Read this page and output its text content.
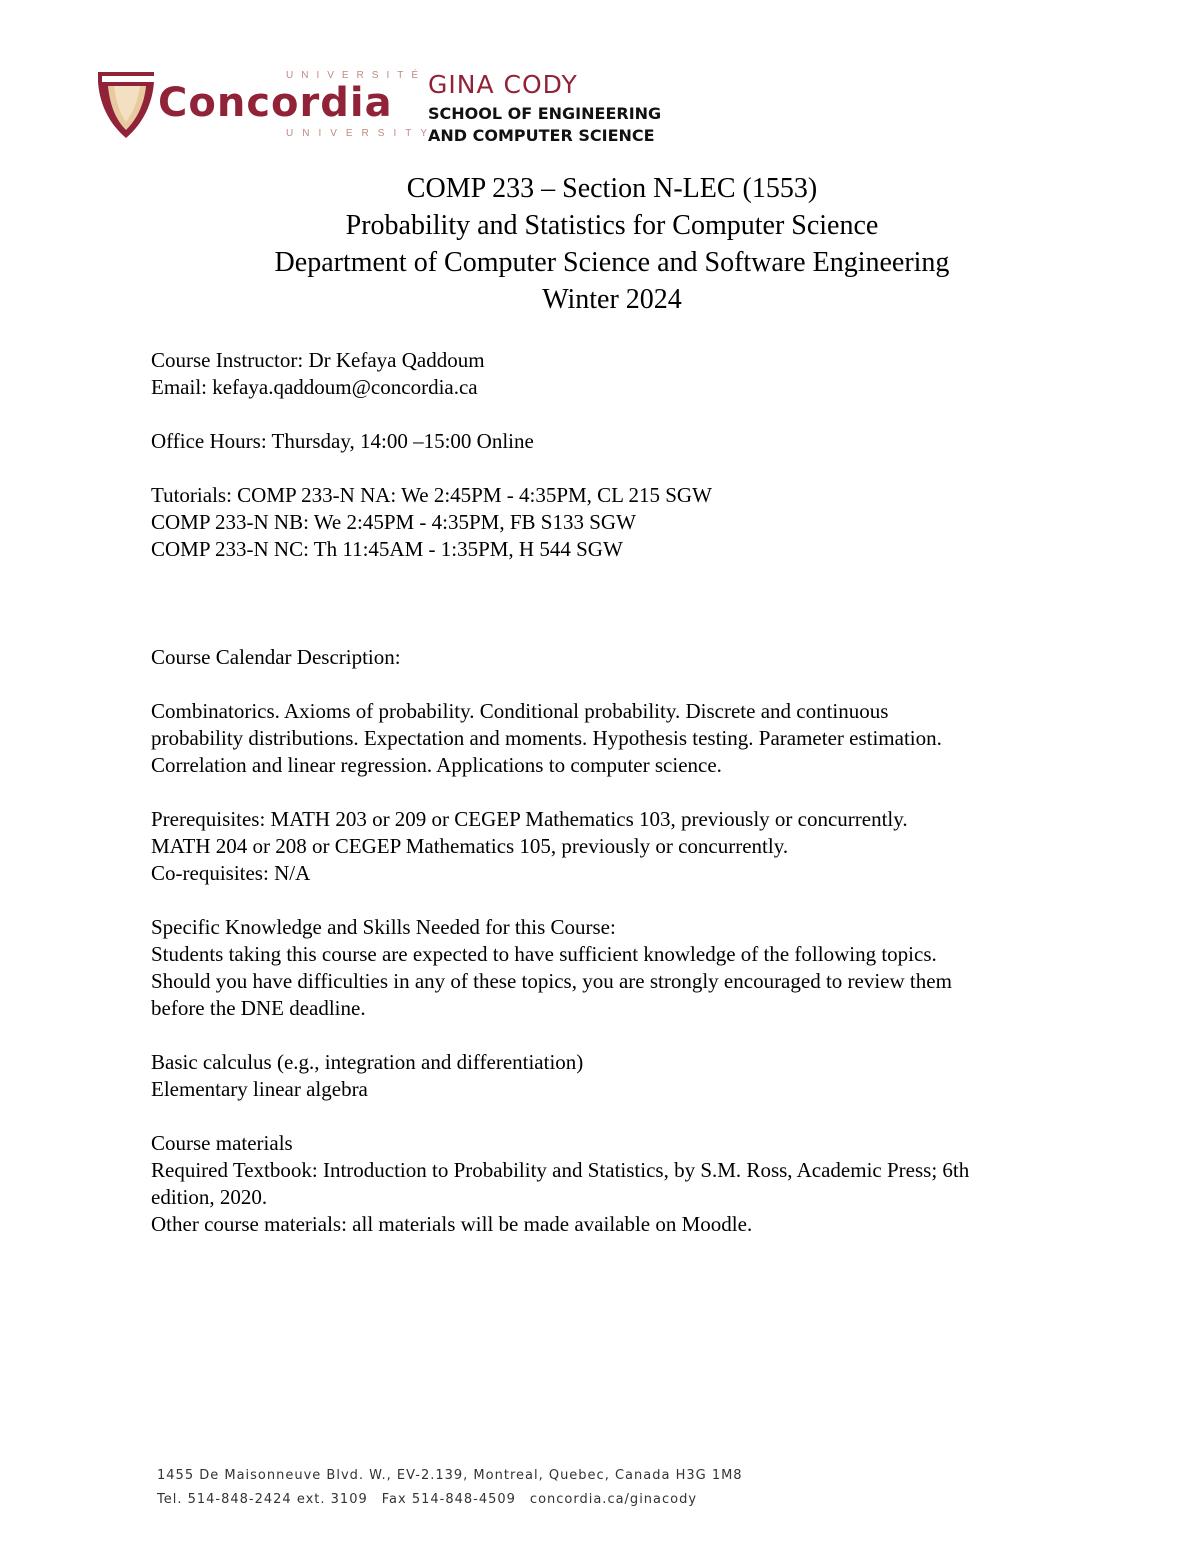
UNIVERSITÉ
Concordia
UNIVERSITY
GINA CODY
SCHOOL OF ENGINEERING
AND COMPUTER SCIENCE
COMP 233 – Section N-LEC (1553)
Probability and Statistics for Computer Science
Department of Computer Science and Software Engineering
Winter 2024

Course Instructor: Dr Kefaya Qaddoum

Email: kefaya.qaddoum@concordia.ca

Office Hours: Thursday, 14:00 –15:00 Online

Tutorials: COMP 233-N NA: We 2:45PM - 4:35PM, CL 215 SGW

COMP 233-N NB: We 2:45PM - 4:35PM, FB S133 SGW

COMP 233-N NC: Th 11:45AM - 1:35PM, H 544 SGW

Course Calendar Description:

Combinatorics. Axioms of probability. Conditional probability. Discrete and continuous

probability distributions. Expectation and moments. Hypothesis testing. Parameter estimation.

Correlation and linear regression. Applications to computer science.

Prerequisites: MATH 203 or 209 or CEGEP Mathematics 103, previously or concurrently.

MATH 204 or 208 or CEGEP Mathematics 105, previously or concurrently.

Co-requisites: N/A

Specific Knowledge and Skills Needed for this Course:

Students taking this course are expected to have sufficient knowledge of the following topics.

Should you have difficulties in any of these topics, you are strongly encouraged to review them

before the DNE deadline.

Basic calculus (e.g., integration and differentiation)

Elementary linear algebra

Course materials

Required Textbook: Introduction to Probability and Statistics, by S.M. Ross, Academic Press; 6th

edition, 2020.

Other course materials: all materials will be made available on Moodle.

1455 De Maisonneuve Blvd. W., EV-2.139, Montreal, Quebec, Canada H3G 1M8
Tel. 514-848-2424 ext. 3109 Fax 514-848-4509 concordia.ca/ginacody
